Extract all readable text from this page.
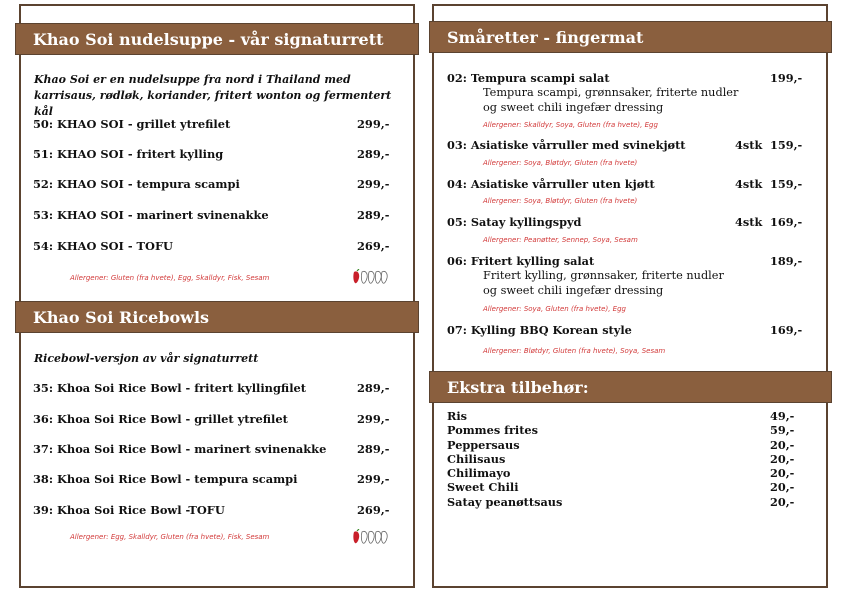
Khao Soi nudelsuppe - vår signaturrett
Khao Soi er en nudelsuppe fra nord i Thailand med karrisaus, rødløk, koriander, fritert wonton og fermentert kål
50: KHAO SOI - grillet ytrefilet	299,-
51: KHAO SOI - fritert kylling	289,-
52: KHAO SOI - tempura scampi	299,-
53: KHAO SOI - marinert svinenakke	289,-
54: KHAO SOI - TOFU	269,-
Allergener: Gluten (fra hvete), Egg, Skalldyr, Fisk, Sesam
Khao Soi Ricebowls
Ricebowl-versjon av vår signaturrett
35: Khoa Soi Rice Bowl - fritert kyllingfilet	289,-
36: Khoa Soi Rice Bowl - grillet ytrefilet	299,-
37: Khoa Soi Rice Bowl - marinert svinenakke	289,-
38: Khoa Soi Rice Bowl - tempura scampi	299,-
39: Khoa Soi Rice Bowl -TOFU	269,-
Allergener: Egg, Skalldyr, Gluten (fra hvete), Fisk, Sesam
Småretter - fingermat
02: Tempura scampi salat	199,-
Tempura scampi, grønnsaker, friterte nudler
og sweet chili ingefær dressing
Allergener: Skalldyr, Soya, Gluten (fra hvete), Egg
03: Asiatiske vårruller med svinekjøtt	4stk 159,-
Allergener: Soya, Bløtdyr, Gluten (fra hvete)
04: Asiatiske vårruller uten kjøtt	4stk 159,-
Allergener: Soya, Bløtdyr, Gluten (fra hvete)
05: Satay kyllingspyd	4stk 169,-
Allergener: Peanøtter, Sennep, Soya, Sesam
06: Fritert kylling salat	189,-
Fritert kylling, grønnsaker, friterte nudler
og sweet chili ingefær dressing
Allergener: Soya, Gluten (fra hvete), Egg
07: Kylling BBQ Korean style	169,-
Allergener: Bløtdyr, Gluten (fra hvete), Soya, Sesam
Ekstra tilbehør:
Ris	49,-
Pommes frites	59,-
Peppersaus	20,-
Chilisaus	20,-
Chilimayo	20,-
Sweet Chili	20,-
Satay peanøttsaus	20,-
